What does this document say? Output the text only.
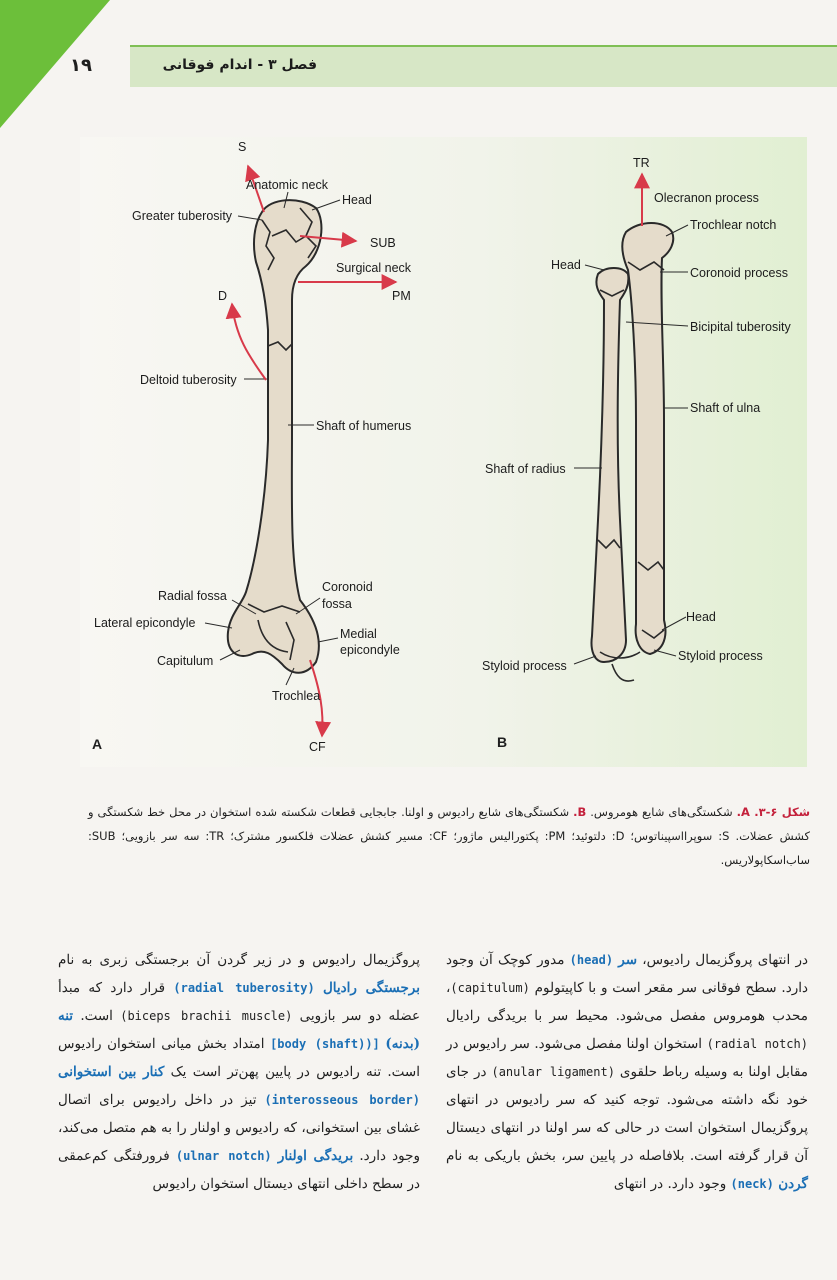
فصل ۳ - اندام فوقانی
۱۹
S
Anatomic neck
Head
Greater tuberosity
SUB
Surgical neck
D	PM
Deltoid tuberosity
Shaft of humerus
Coronoid
fossa
Radial fossa
Lateral epicondyle
Medial
epicondyle
Capitulum
Trochlea
CF
A
TR
Olecranon process
Trochlear notch
Head
Coronoid process
Bicipital tuberosity
Shaft of ulna
Shaft of radius
Head
Styloid process
Styloid process
B
شکل ۶-۳. A. شکستگی‌های شایع هومروس. B. شکستگی‌های شایع رادیوس و اولنا. جابجایی قطعات شکسته شده استخوان در محل خط شکستگی و کشش عضلات. S: سوپرااسپیناتوس؛ D: دلتوئید؛ PM: پکتورالیس ماژور؛ CF: مسیر کشش عضلات فلکسور مشترک؛ TR: سه سر بازویی؛ SUB: ساب‌اسکاپولاریس.
در انتهای پروگزیمال رادیوس، سر (head) مدور کوچک آن وجود دارد. سطح فوقانی سر مقعر است و با کاپیتولوم (capitulum)، محدب هومروس مفصل می‌شود. محیط سر با بریدگی رادیال (radial notch) استخوان اولنا مفصل می‌شود. سر رادیوس در مقابل اولنا به وسیله رباط حلقوی (anular ligament) در جای خود نگه داشته می‌شود. توجه کنید که سر رادیوس در انتهای پروگزیمال استخوان است در حالی که سر اولنا در انتهای دیستال آن قرار گرفته است. بلافاصله در پایین سر، بخش باریکی به نام گردن (neck) وجود دارد. در انتهای
پروگزیمال رادیوس و در زیر گردن آن برجستگی زبری به نام برجستگی رادیال (radial tuberosity) قرار دارد که مبدأ عضله دو سر بازویی (biceps brachii muscle) است. تنه (بدنه) [(body (shaft)] امتداد بخش میانی استخوان رادیوس است. تنه رادیوس در پایین پهن‌تر است یک کنار بین استخوانی (interosseous border) تیز در داخل رادیوس برای اتصال غشای بین استخوانی، که رادیوس و اولنار را به هم متصل می‌کند، وجود دارد. بریدگی اولنار (ulnar notch) فرورفتگی کم‌عمقی در سطح داخلی انتهای دیستال استخوان رادیوس
